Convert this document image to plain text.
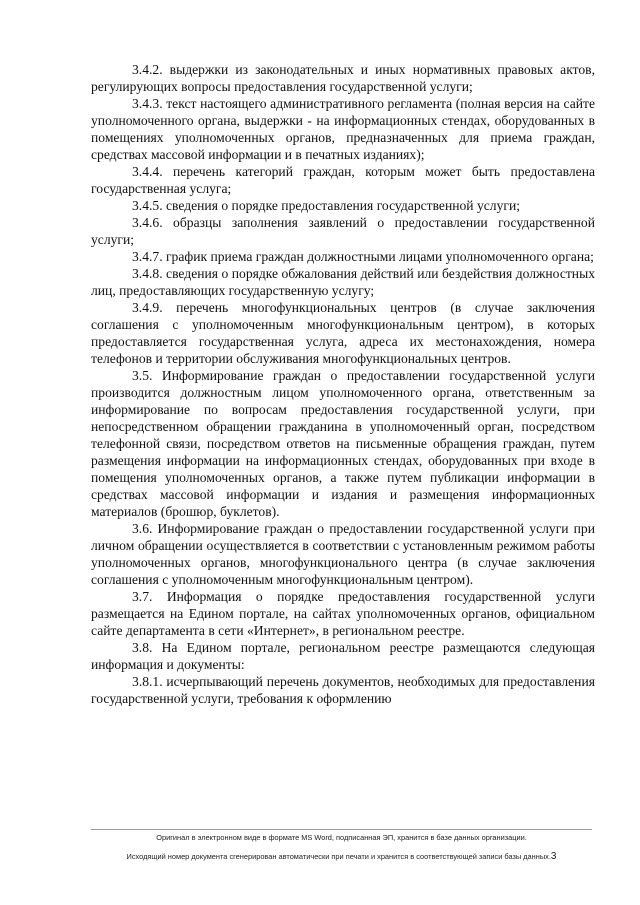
3.4.2. выдержки из законодательных и иных нормативных правовых актов, регулирующих вопросы предоставления государственной услуги;

3.4.3. текст настоящего административного регламента (полная версия на сайте уполномоченного органа, выдержки - на информационных стендах, оборудованных в помещениях уполномоченных органов, предназначенных для приема граждан, средствах массовой информации и в печатных изданиях);

3.4.4. перечень категорий граждан, которым может быть предоставлена государственная услуга;

3.4.5. сведения о порядке предоставления государственной услуги;

3.4.6. образцы заполнения заявлений о предоставлении государственной услуги;

3.4.7. график приема граждан должностными лицами уполномоченного органа;

3.4.8. сведения о порядке обжалования действий или бездействия должностных лиц, предоставляющих государственную услугу;

3.4.9. перечень многофункциональных центров (в случае заключения соглашения с уполномоченным многофункциональным центром), в которых предоставляется государственная услуга, адреса их местонахождения, номера телефонов и территории обслуживания многофункциональных центров.

3.5. Информирование граждан о предоставлении государственной услуги производится должностным лицом уполномоченного органа, ответственным за информирование по вопросам предоставления государственной услуги, при непосредственном обращении гражданина в уполномоченный орган, посредством телефонной связи, посредством ответов на письменные обращения граждан, путем размещения информации на информационных стендах, оборудованных при входе в помещения уполномоченных органов, а также путем публикации информации в средствах массовой информации и издания и размещения информационных материалов (брошюр, буклетов).

3.6. Информирование граждан о предоставлении государственной услуги при личном обращении осуществляется в соответствии с установленным режимом работы уполномоченных органов, многофункционального центра (в случае заключения соглашения с уполномоченным многофункциональным центром).

3.7. Информация о порядке предоставления государственной услуги размещается на Едином портале, на сайтах уполномоченных органов, официальном сайте департамента в сети «Интернет», в региональном реестре.

3.8. На Едином портале, региональном реестре размещаются следующая информация и документы:

3.8.1. исчерпывающий перечень документов, необходимых для предоставления государственной услуги, требования к оформлению

Оригинал в электронном виде в формате MS Word, подписанная ЭП, хранится в базе данных организации.
Исходящий номер документа сгенерирован автоматически при печати и хранится в соответствующей записи базы данных.3
